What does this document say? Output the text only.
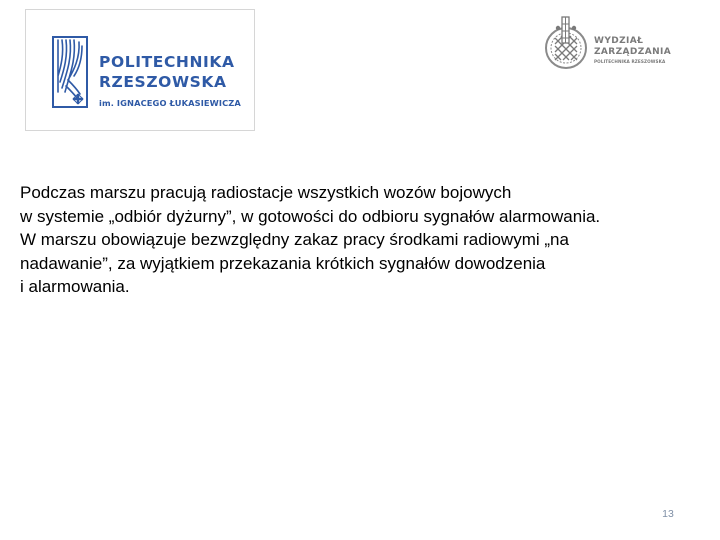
POLITECHNIKA
RZESZOWSKA
im. IGNACEGO ŁUKASIEWICZA
WYDZIAŁ
ZARZĄDZANIA
POLITECHNIKA RZESZOWSKA

Podczas marszu pracują radiostacje wszystkich wozów bojowych
w systemie „odbiór dyżurny”, w gotowości do odbioru sygnałów alarmowania.
W marszu obowiązuje bezwzględny zakaz pracy środkami radiowymi „na
nadawanie”, za wyjątkiem przekazania krótkich sygnałów dowodzenia
i alarmowania.

13
